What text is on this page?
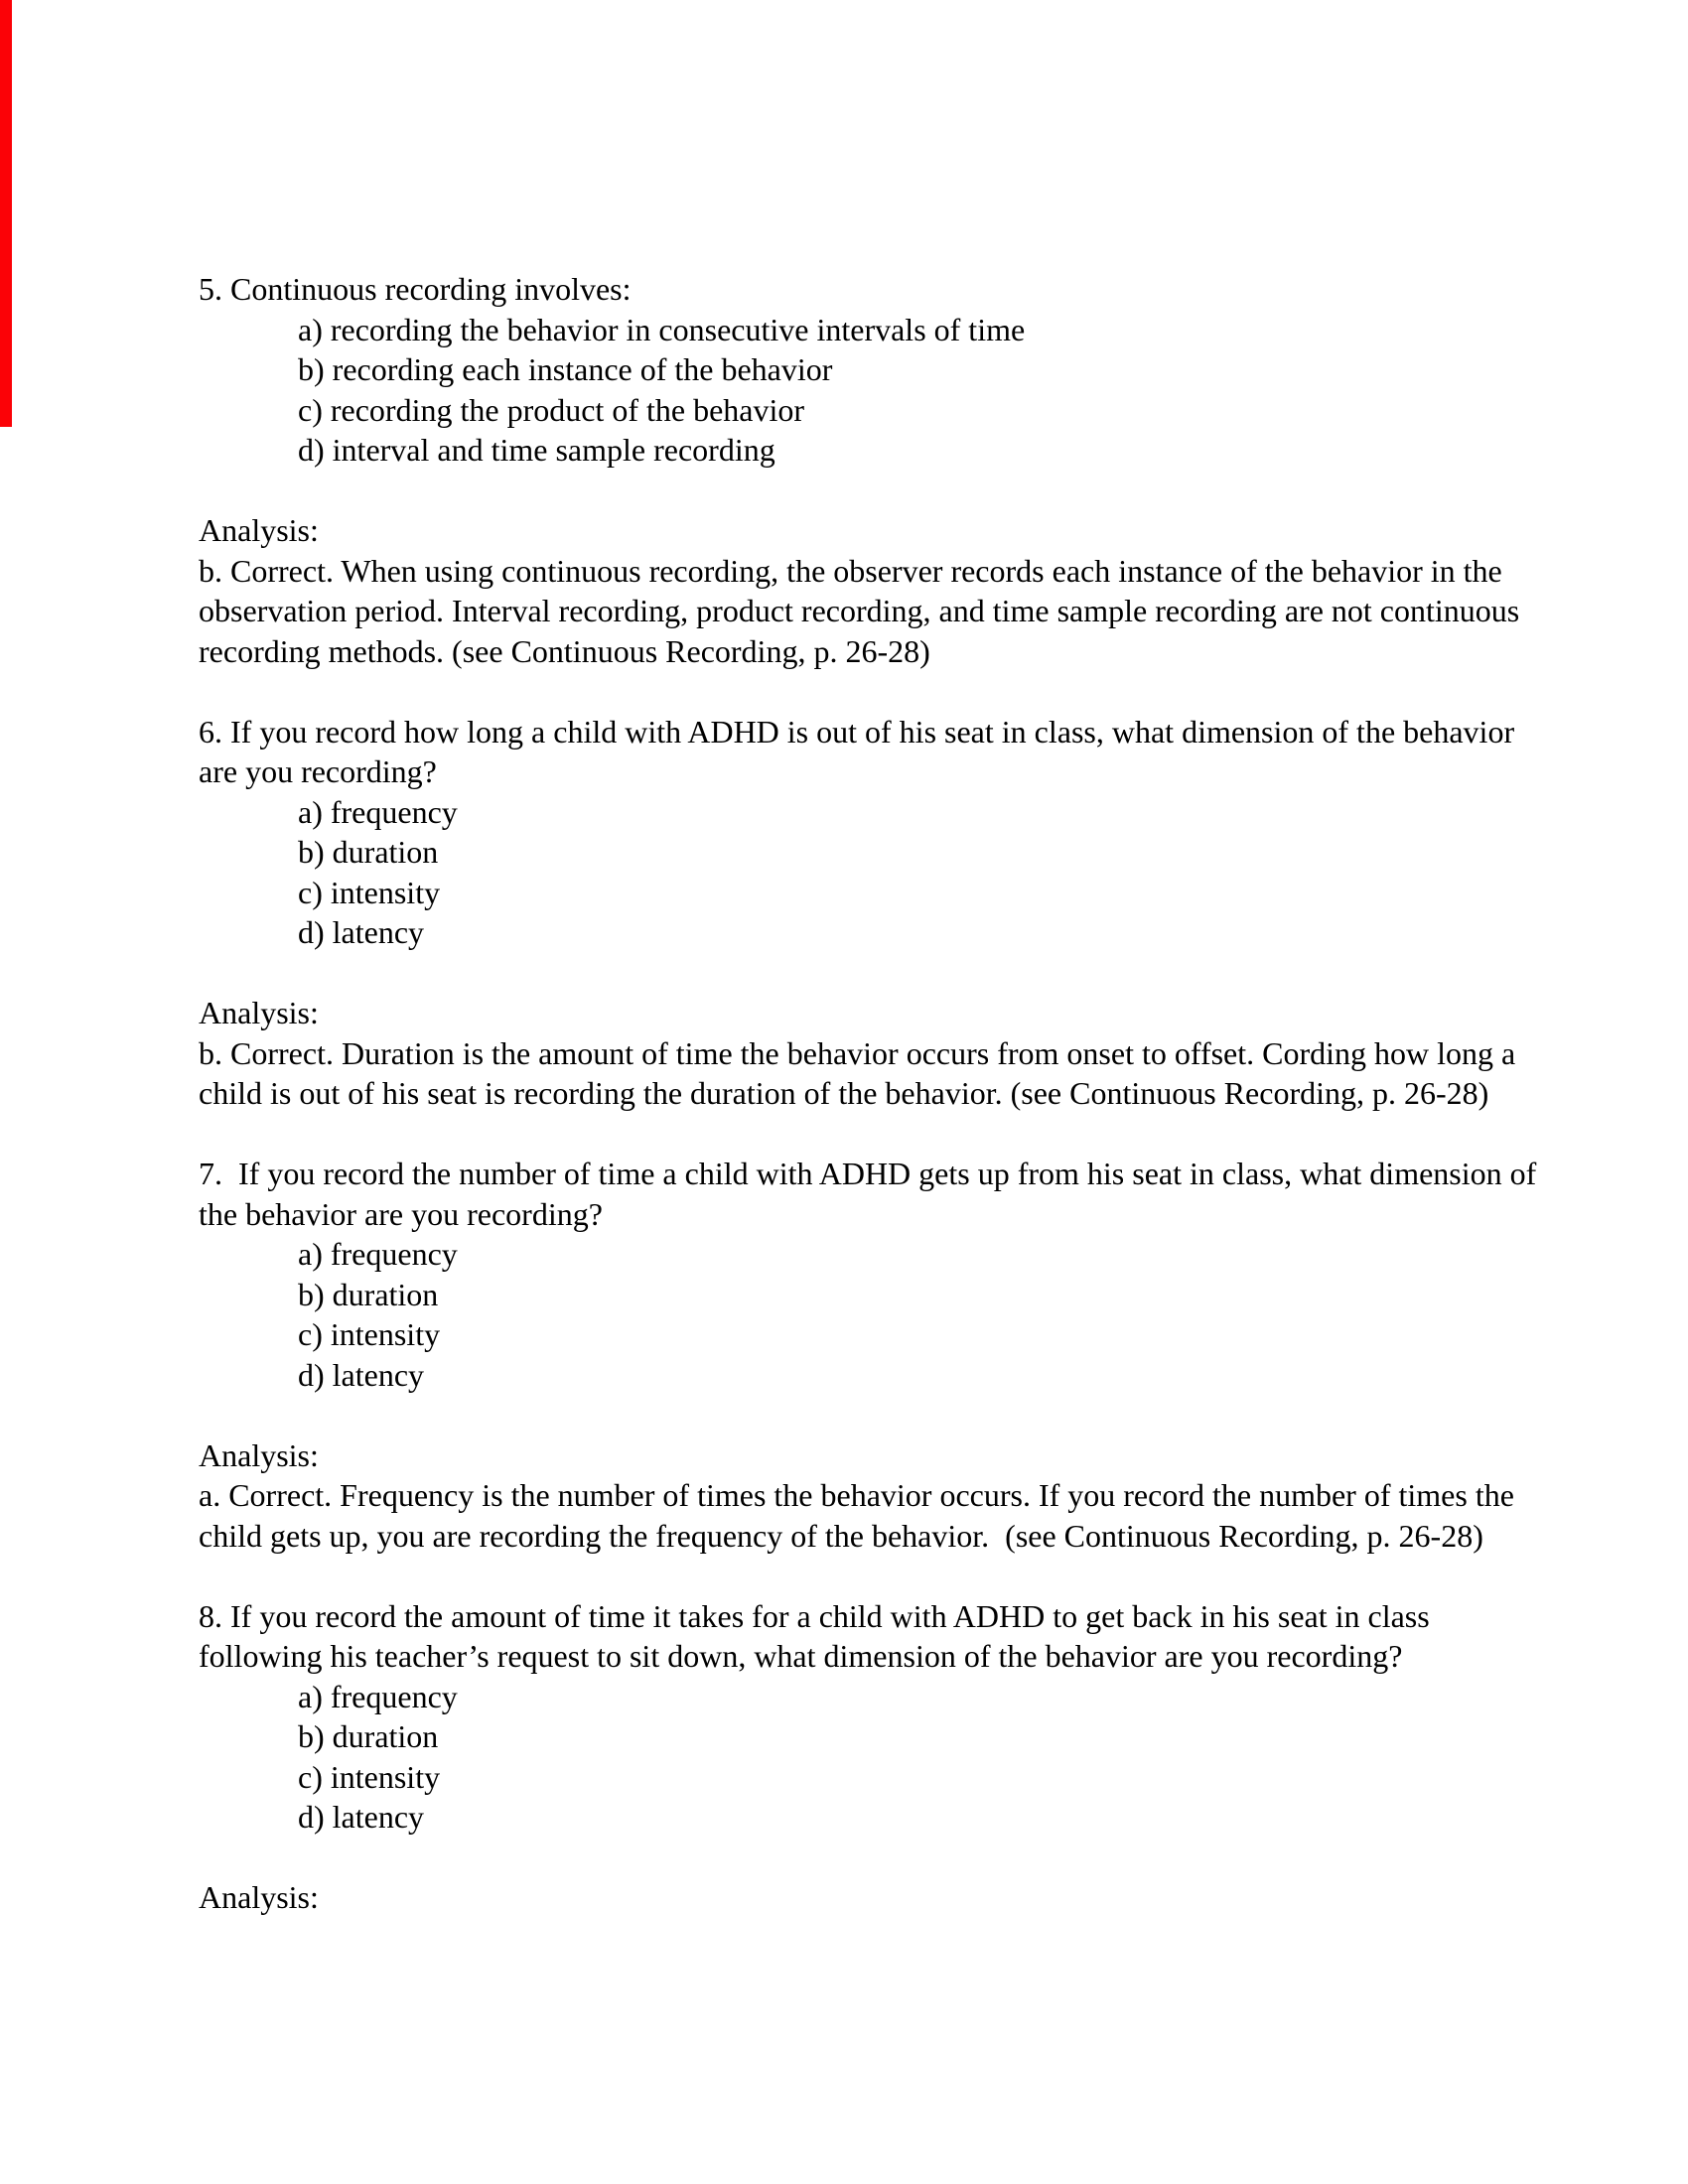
5. Continuous recording involves:
a) recording the behavior in consecutive intervals of time
b) recording each instance of the behavior
c) recording the product of the behavior
d) interval and time sample recording
Analysis:
b. Correct. When using continuous recording, the observer records each instance of the behavior in the
observation period. Interval recording, product recording, and time sample recording are not continuous
recording methods. (see Continuous Recording, p. 26-28)
6. If you record how long a child with ADHD is out of his seat in class, what dimension of the behavior
are you recording?
a) frequency
b) duration
c) intensity
d) latency
Analysis:
b. Correct. Duration is the amount of time the behavior occurs from onset to offset. Cording how long a
child is out of his seat is recording the duration of the behavior. (see Continuous Recording, p. 26-28)
7.  If you record the number of time a child with ADHD gets up from his seat in class, what dimension of
the behavior are you recording?
a) frequency
b) duration
c) intensity
d) latency
Analysis:
a. Correct. Frequency is the number of times the behavior occurs. If you record the number of times the
child gets up, you are recording the frequency of the behavior.  (see Continuous Recording, p. 26-28)
8. If you record the amount of time it takes for a child with ADHD to get back in his seat in class
following his teacher’s request to sit down, what dimension of the behavior are you recording?
a) frequency
b) duration
c) intensity
d) latency
Analysis:
